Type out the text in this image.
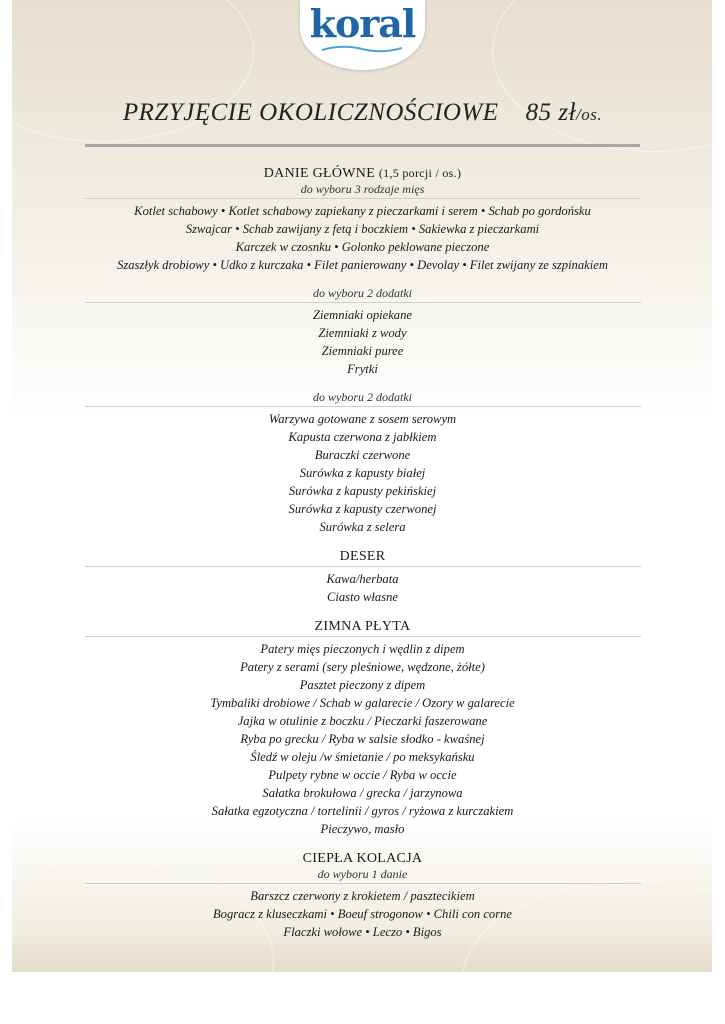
koral
PRZYJĘCIE OKOLICZNOŚCIOWE 85 zł/os.
DANIE GŁÓWNE (1,5 porcji / os.)
do wyboru 3 rodzaje mięs
Kotlet schabowy • Kotlet schabowy zapiekany z pieczarkami i serem • Schab po gordońsku
Szwajcar • Schab zawijany z fetą i boczkiem • Sakiewka z pieczarkami
Karczek w czosnku • Golonko peklowane pieczone
Szaszłyk drobiowy • Udko z kurczaka • Filet panierowany • Devolay • Filet zwijany ze szpinakiem
do wyboru 2 dodatki
Ziemniaki opiekane
Ziemniaki z wody
Ziemniaki puree
Frytki
do wyboru 2 dodatki
Warzywa gotowane z sosem serowym
Kapusta czerwona z jabłkiem
Buraczki czerwone
Surówka z kapusty białej
Surówka z kapusty pekińskiej
Surówka z kapusty czerwonej
Surówka z selera
DESER
Kawa/herbata
Ciasto własne
ZIMNA PŁYTA
Patery mięs pieczonych i wędlin z dipem
Patery z serami (sery pleśniowe, wędzone, żółte)
Pasztet pieczony z dipem
Tymbaliki drobiowe / Schab w galarecie / Ozory w galarecie
Jajka w otulinie z boczku / Pieczarki faszerowane
Ryba po grecku / Ryba w salsie słodko - kwaśnej
Śledź w oleju /w śmietanie / po meksykańsku
Pulpety rybne w occie / Ryba w occie
Sałatka brokułowa / grecka / jarzynowa
Sałatka egzotyczna / tortelinii / gyros / ryżowa z kurczakiem
Pieczywo, masło
CIEPŁA KOLACJA
do wyboru 1 danie
Barszcz czerwony z krokietem / pasztecikiem
Bogracz z kluseczkami • Boeuf strogonow • Chili con corne
Flaczki wołowe • Leczo • Bigos
